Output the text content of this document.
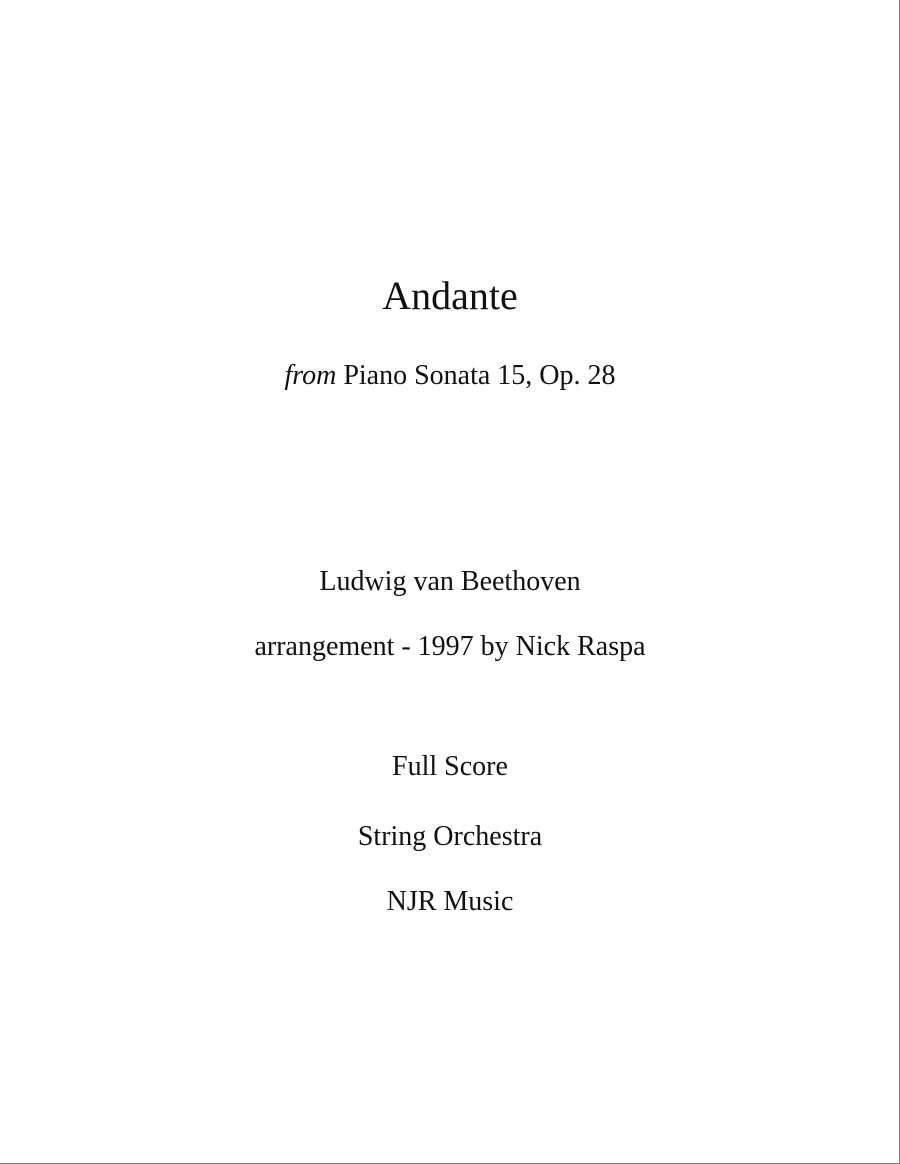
Andante
from Piano Sonata 15, Op. 28
Ludwig van Beethoven
arrangement - 1997 by Nick Raspa
Full Score
String Orchestra
NJR Music
